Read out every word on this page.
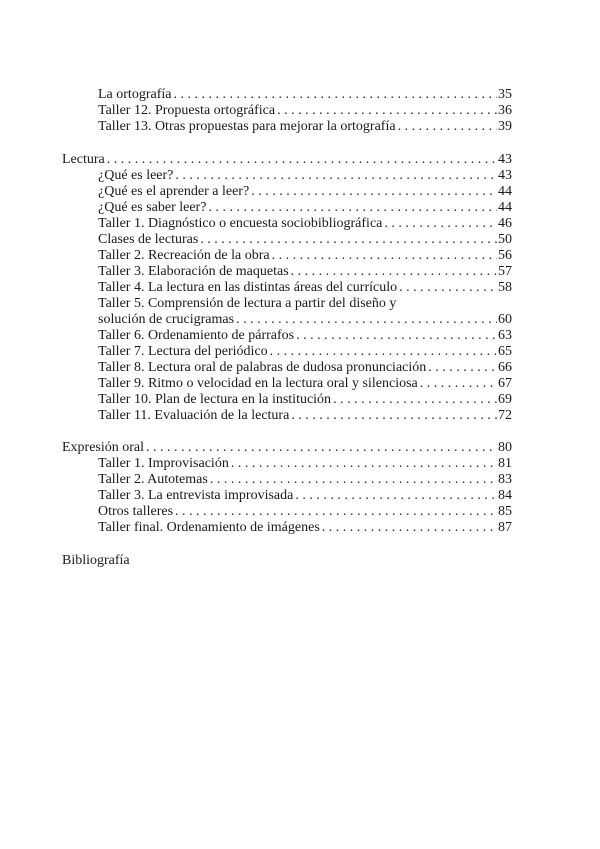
La ortografía . . .	35
Taller 12. Propuesta ortográfica . . .	36
Taller 13. Otras propuestas para mejorar la ortografía . . .	39
Lectura . . .	43
¿Qué es leer? . . .	43
¿Qué es el aprender a leer? . . .	44
¿Qué es saber leer? . . .	44
Taller 1. Diagnóstico o encuesta sociobibliográfica . . .	46
Clases de lecturas . . .	50
Taller 2. Recreación de la obra . . .	56
Taller 3. Elaboración de maquetas . . .	57
Taller 4. La lectura en las distintas áreas del currículo . . .	58
Taller 5. Comprensión de lectura a partir del diseño y
solución de crucigramas . . .	60
Taller 6. Ordenamiento de párrafos . . .	63
Taller 7. Lectura del periódico . . .	65
Taller 8. Lectura oral de palabras de dudosa pronunciación . . .	66
Taller 9. Ritmo o velocidad en la lectura oral y silenciosa . . .	67
Taller 10. Plan de lectura en la institución . . .	69
Taller 11. Evaluación de la lectura . . .	72
Expresión oral . . .	80
Taller 1. Improvisación . . .	81
Taller 2. Autotemas . . .	83
Taller 3. La entrevista improvisada . . .	84
Otros talleres . . .	85
Taller final. Ordenamiento de imágenes . . .	87
Bibliografía
